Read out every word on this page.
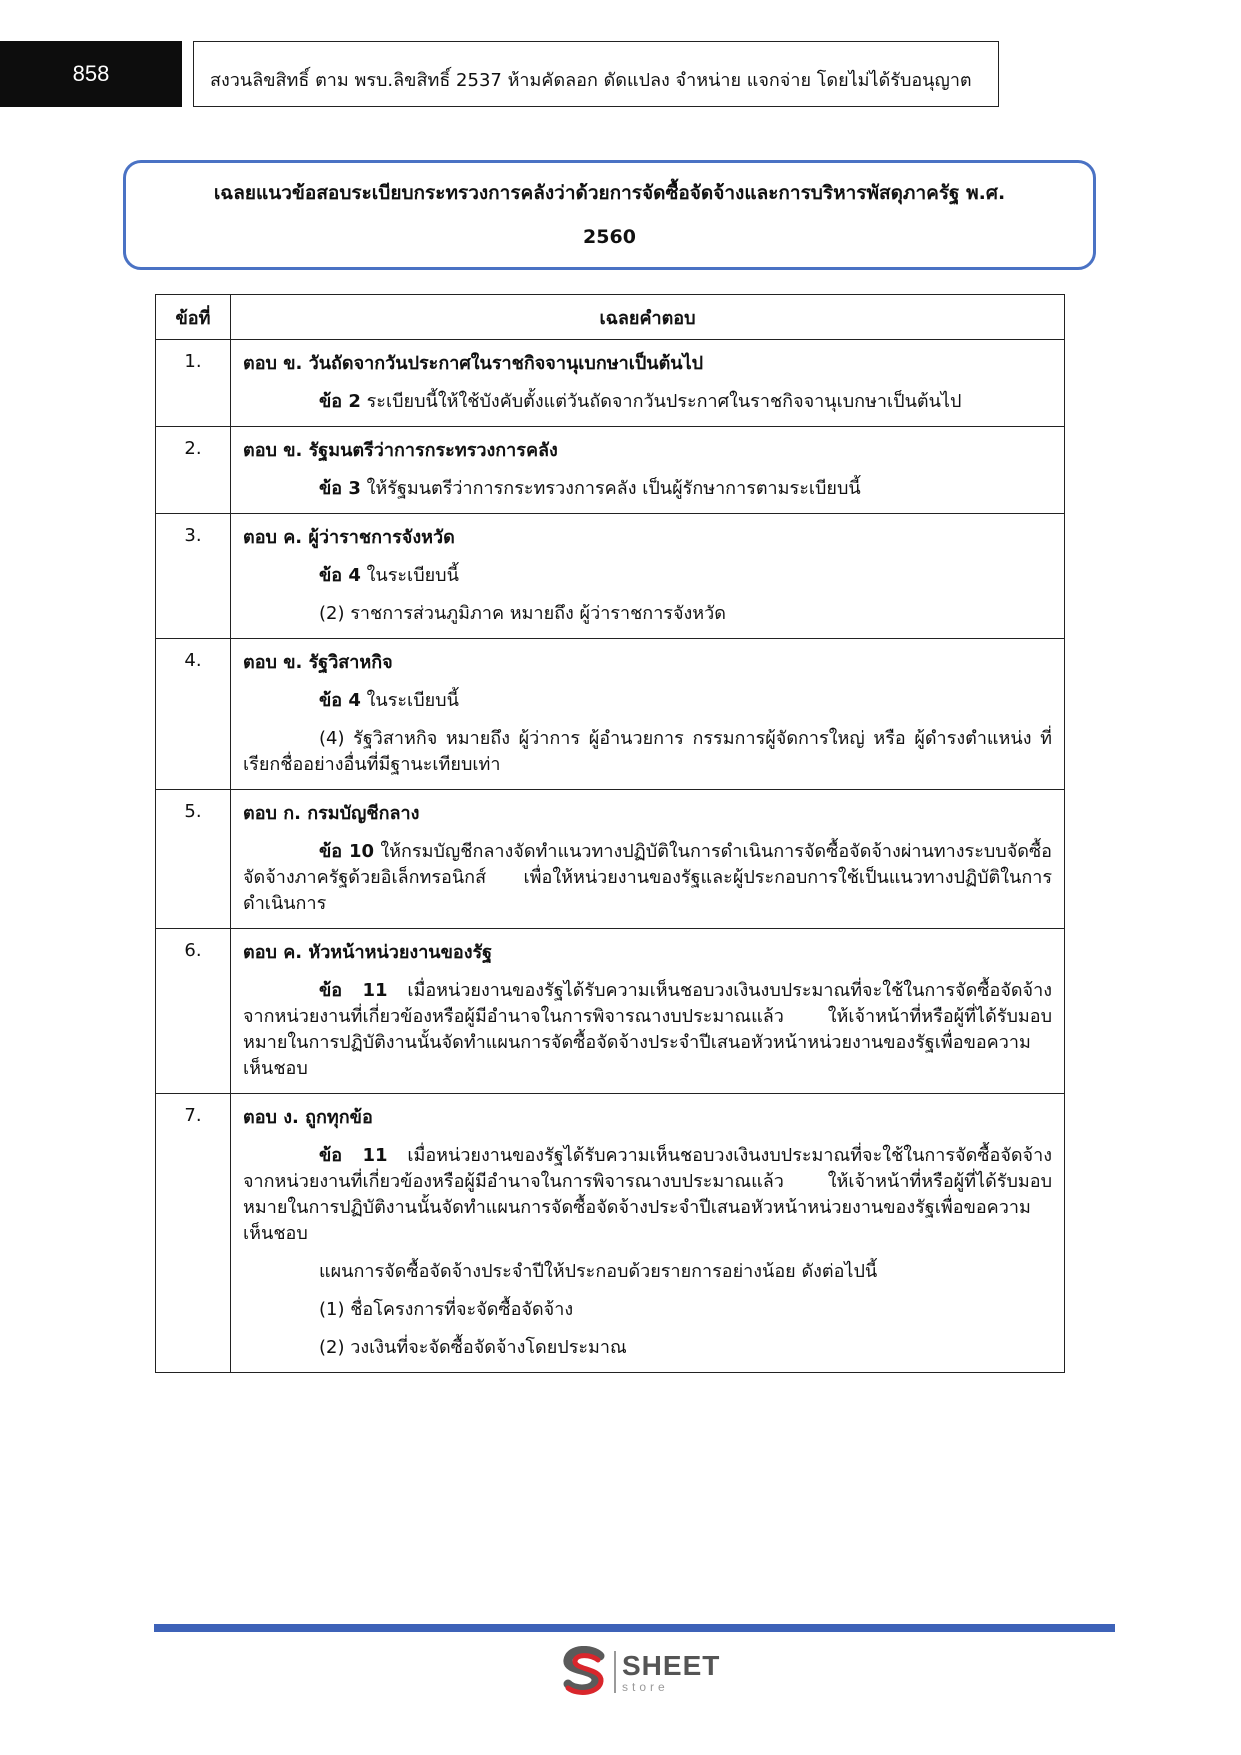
858	สงวนลิขสิทธิ์ ตาม พรบ.ลิขสิทธิ์ 2537 ห้ามคัดลอก ดัดแปลง จำหน่าย แจกจ่าย โดยไม่ได้รับอนุญาต
เฉลยแนวข้อสอบระเบียบกระทรวงการคลังว่าด้วยการจัดซื้อจัดจ้างและการบริหารพัสดุภาครัฐ พ.ศ.
2560
ข้อที่	เฉลยคำตอบ
1.	ตอบ ข. วันถัดจากวันประกาศในราชกิจจานุเบกษาเป็นต้นไป

ข้อ 2 ระเบียบนี้ให้ใช้บังคับตั้งแต่วันถัดจากวันประกาศในราชกิจจานุเบกษาเป็นต้นไป

2.	ตอบ ข. รัฐมนตรีว่าการกระทรวงการคลัง

ข้อ 3 ให้รัฐมนตรีว่าการกระทรวงการคลัง เป็นผู้รักษาการตามระเบียบนี้

3.	ตอบ ค. ผู้ว่าราชการจังหวัด

ข้อ 4 ในระเบียบนี้

(2) ราชการส่วนภูมิภาค หมายถึง ผู้ว่าราชการจังหวัด

4.	ตอบ ข. รัฐวิสาหกิจ

ข้อ 4 ในระเบียบนี้

(4) รัฐวิสาหกิจ หมายถึง ผู้ว่าการ ผู้อำนวยการ กรรมการผู้จัดการใหญ่ หรือ ผู้ดำรงตำแหน่ง ที่เรียกชื่ออย่างอื่นที่มีฐานะเทียบเท่า

5.	ตอบ ก. กรมบัญชีกลาง

ข้อ 10 ให้กรมบัญชีกลางจัดทำแนวทางปฏิบัติในการดำเนินการจัดซื้อจัดจ้างผ่านทางระบบจัดซื้อจัดจ้างภาครัฐด้วยอิเล็กทรอนิกส์ เพื่อให้หน่วยงานของรัฐและผู้ประกอบการใช้เป็นแนวทางปฏิบัติในการดำเนินการ

6.	ตอบ ค. หัวหน้าหน่วยงานของรัฐ

ข้อ 11 เมื่อหน่วยงานของรัฐได้รับความเห็นชอบวงเงินงบประมาณที่จะใช้ในการจัดซื้อจัดจ้างจากหน่วยงานที่เกี่ยวข้องหรือผู้มีอำนาจในการพิจารณางบประมาณแล้ว ให้เจ้าหน้าที่หรือผู้ที่ได้รับมอบหมายในการปฏิบัติงานนั้นจัดทำแผนการจัดซื้อจัดจ้างประจำปีเสนอหัวหน้าหน่วยงานของรัฐเพื่อขอความเห็นชอบ

7.	ตอบ ง. ถูกทุกข้อ

ข้อ 11 เมื่อหน่วยงานของรัฐได้รับความเห็นชอบวงเงินงบประมาณที่จะใช้ในการจัดซื้อจัดจ้างจากหน่วยงานที่เกี่ยวข้องหรือผู้มีอำนาจในการพิจารณางบประมาณแล้ว ให้เจ้าหน้าที่หรือผู้ที่ได้รับมอบหมายในการปฏิบัติงานนั้นจัดทำแผนการจัดซื้อจัดจ้างประจำปีเสนอหัวหน้าหน่วยงานของรัฐเพื่อขอความเห็นชอบ

แผนการจัดซื้อจัดจ้างประจำปีให้ประกอบด้วยรายการอย่างน้อย ดังต่อไปนี้

(1) ชื่อโครงการที่จะจัดซื้อจัดจ้าง

(2) วงเงินที่จะจัดซื้อจัดจ้างโดยประมาณ

SHEET
store
